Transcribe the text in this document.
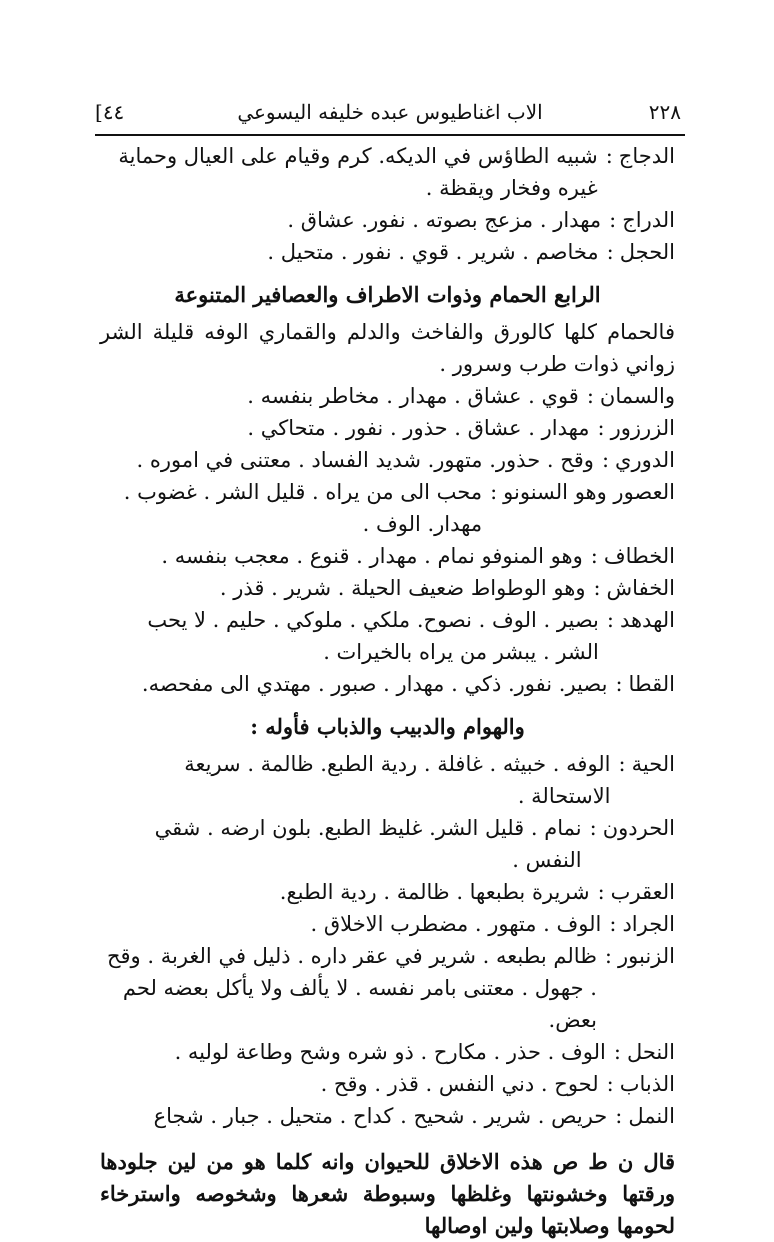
٢٢٨
الاب اغناطيوس عبده خليفه اليسوعي
[٤٤
الدجاج
:
شبيه الطاؤس في الديكه. كرم وقيام على العيال وحماية غيره وفخار ويقظة .
الدراج
:
مهدار . مزعج بصوته . نفور. عشاق .
الحجل
:
مخاصم . شرير . قوي . نفور . متحيل .
الرابع الحمام وذوات الاطراف والعصافير المتنوعة
فالحمام كلها كالورق والفاخث والدلم والقماري الوفه قليلة الشر زواني ذوات طرب وسرور .
والسمان
:
قوي . عشاق . مهدار . مخاطر بنفسه .
الزرزور
:
مهدار . عشاق . حذور . نفور . متحاكي .
الدوري
:
وقح . حذور. متهور. شديد الفساد . معتنى في اموره .
العصور وهو السنونو
:
محب الى من يراه . قليل الشر . غضوب . مهدار. الوف .
الخطاف
:
وهو المنوفو نمام . مهدار . قنوع . معجب بنفسه .
الخفاش
:
وهو الوطواط ضعيف الحيلة . شرير . قذر .
الهدهد
:
بصير . الوف . نصوح. ملكي . ملوكي . حليم . لا يحب الشر . يبشر من يراه بالخيرات .
القطا
:
بصير. نفور. ذكي . مهدار . صبور . مهتدي الى مفحصه.
والهوام والدبيب والذباب فأوله :
الحية
:
الوفه . خبيثه . غافلة . ردية الطبع. ظالمة . سريعة الاستحالة .
الحردون
:
نمام . قليل الشر. غليظ الطبع. بلون ارضه . شقي النفس .
العقرب
:
شريرة بطبعها . ظالمة . ردية الطبع.
الجراد
:
الوف . متهور . مضطرب الاخلاق .
الزنبور
:
ظالم بطبعه . شرير في عقر داره . ذليل في الغربة . وقح . جهول . معتنى بامر نفسه . لا يألف ولا يأكل بعضه لحم بعض.
النحل
:
الوف . حذر . مكارح . ذو شره وشح وطاعة لوليه .
الذباب
:
لحوح . دني النفس . قذر . وقح .
النمل
:
حريص . شرير . شحيح . كداح . متحيل . جبار . شجاع
قال ن ط ص هذه الاخلاق للحيوان وانه كلما هو من لين جلودها ورقتها وخشونتها وغلظها وسبوطة شعرها وشخوصه واسترخاء لحومها وصلابتها ولين اوصالها
